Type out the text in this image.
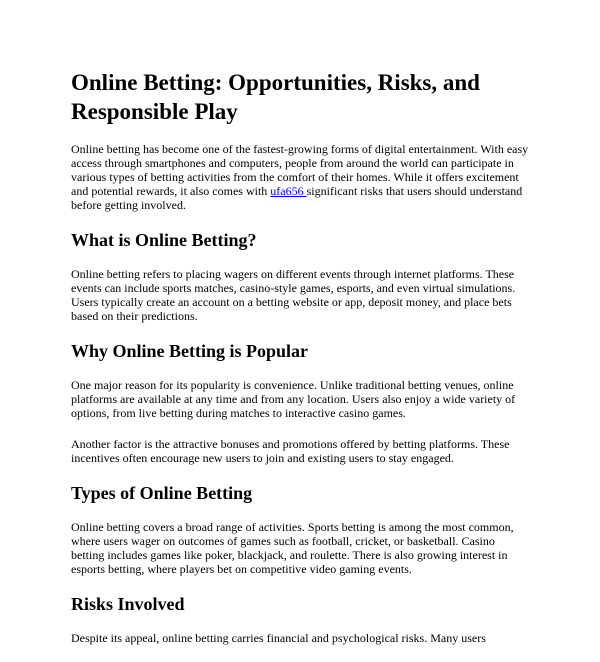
Online Betting: Opportunities, Risks, and Responsible Play

Online betting has become one of the fastest-growing forms of digital entertainment. With easy access through smartphones and computers, people from around the world can participate in various types of betting activities from the comfort of their homes. While it offers excitement and potential rewards, it also comes with ufa656 significant risks that users should understand before getting involved.

What is Online Betting?

Online betting refers to placing wagers on different events through internet platforms. These events can include sports matches, casino-style games, esports, and even virtual simulations. Users typically create an account on a betting website or app, deposit money, and place bets based on their predictions.

Why Online Betting is Popular

One major reason for its popularity is convenience. Unlike traditional betting venues, online platforms are available at any time and from any location. Users also enjoy a wide variety of options, from live betting during matches to interactive casino games.

Another factor is the attractive bonuses and promotions offered by betting platforms. These incentives often encourage new users to join and existing users to stay engaged.

Types of Online Betting

Online betting covers a broad range of activities. Sports betting is among the most common, where users wager on outcomes of games such as football, cricket, or basketball. Casino betting includes games like poker, blackjack, and roulette. There is also growing interest in esports betting, where players bet on competitive video gaming events.

Risks Involved

Despite its appeal, online betting carries financial and psychological risks. Many users
